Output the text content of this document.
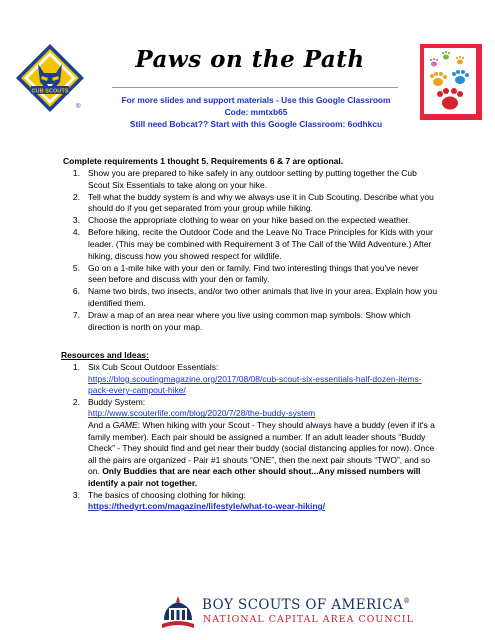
CUB SCOUTS
®
Paws on the Path
For more slides and support materials - Use this Google Classroom
Code: mmtxb65
Still need Bobcat?? Start with this Google Classroom: 6odhkcu
Complete requirements 1 thought 5. Requirements 6 & 7 are optional.
1. Show you are prepared to hike safely in any outdoor setting by putting together the Cub Scout Six Essentials to take along on your hike.
2. Tell what the buddy system is and why we always use it in Cub Scouting. Describe what you should do if you get separated from your group while hiking.
3. Choose the appropriate clothing to wear on your hike based on the expected weather.
4. Before hiking, recite the Outdoor Code and the Leave No Trace Principles for Kids with your leader. (This may be combined with Requirement 3 of The Call of the Wild Adventure.) After hiking, discuss how you showed respect for wildlife.
5. Go on a 1-mile hike with your den or family. Find two interesting things that you've never seen before and discuss with your den or family.
6. Name two birds, two insects, and/or two other animals that live in your area. Explain how you identified them.
7. Draw a map of an area near where you live using common map symbols. Show which direction is north on your map.
Resources and Ideas:
1. Six Cub Scout Outdoor Essentials:
https://blog.scoutingmagazine.org/2017/08/08/cub-scout-six-essentials-half-dozen-items-pack-every-campout-hike/
2. Buddy System:
http://www.scouterlife.com/blog/2020/7/28/the-buddy-system
And a GAME: When hiking with your Scout - They should always have a buddy (even if it's a family member). Each pair should be assigned a number. If an adult leader shouts “Buddy Check” - They should find and get near their buddy (social distancing applies for now). Once all the pairs are organized - Pair #1 shouts “ONE”, then the next pair shouts “TWO”, and so on. Only Buddies that are near each other should shout...Any missed numbers will identify a pair not together.
3. The basics of choosing clothing for hiking:
https://thedyrt.com/magazine/lifestyle/what-to-wear-hiking/
BOY SCOUTS OF AMERICA®
NATIONAL CAPITAL AREA COUNCIL
